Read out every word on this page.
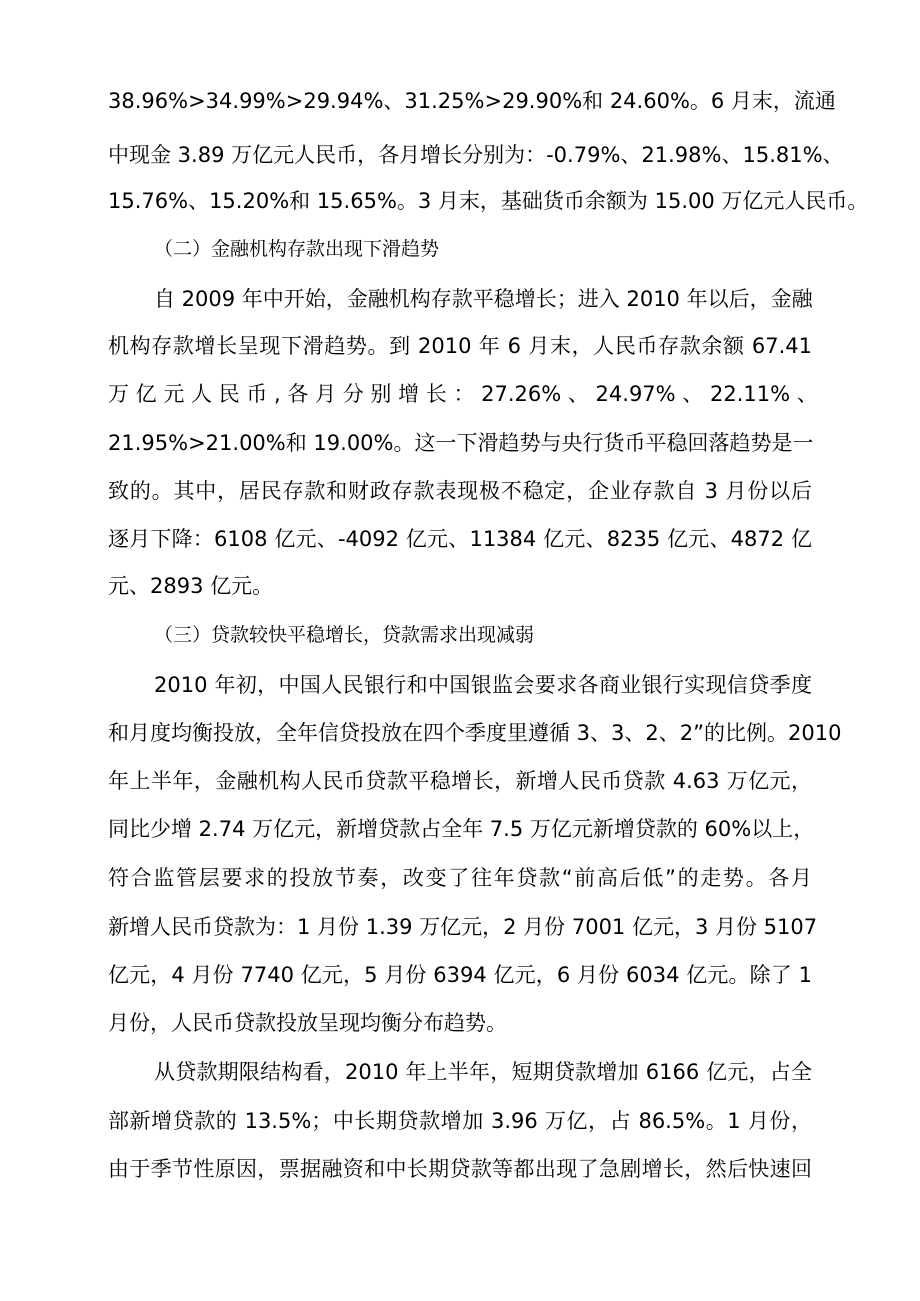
38.96%>34.99%>29.94%、31.25%>29.90%和 24.60%。6 月末，流通
中现金 3.89 万亿元人民币，各月增长分别为：-0.79%、21.98%、15.81%、
15.76%、15.20%和 15.65%。3 月末，基础货币余额为 15.00 万亿元人民币。
（二）金融机构存款出现下滑趋势
自 2009 年中开始，金融机构存款平稳增长；进入 2010 年以后，金融
机构存款增长呈现下滑趋势。到 2010 年 6 月末，人民币存款余额 67.41
万 亿 元 人 民 币 , 各 月 分 别 增 长 ： 27.26% 、 24.97% 、 22.11% 、
21.95%>21.00%和 19.00%。这一下滑趋势与央行货币平稳回落趋势是一
致的。其中，居民存款和财政存款表现极不稳定，企业存款自 3 月份以后
逐月下降：6108 亿元、-4092 亿元、11384 亿元、8235 亿元、4872 亿
元、2893 亿元。
（三）贷款较快平稳增长，贷款需求出现减弱
2010 年初，中国人民银行和中国银监会要求各商业银行实现信贷季度
和月度均衡投放，全年信贷投放在四个季度里遵循 3、3、2、2”的比例。2010
年上半年，金融机构人民币贷款平稳增长，新增人民币贷款 4.63 万亿元，
同比少增 2.74 万亿元，新增贷款占全年 7.5 万亿元新增贷款的 60%以上，
符合监管层要求的投放节奏，改变了往年贷款“前高后低”的走势。各月
新增人民币贷款为：1 月份 1.39 万亿元，2 月份 7001 亿元，3 月份 5107
亿元，4 月份 7740 亿元，5 月份 6394 亿元，6 月份 6034 亿元。除了 1
月份，人民币贷款投放呈现均衡分布趋势。
从贷款期限结构看，2010 年上半年，短期贷款增加 6166 亿元，占全
部新增贷款的 13.5%；中长期贷款增加 3.96 万亿，占 86.5%。1 月份，
由于季节性原因，票据融资和中长期贷款等都出现了急剧增长，然后快速回
